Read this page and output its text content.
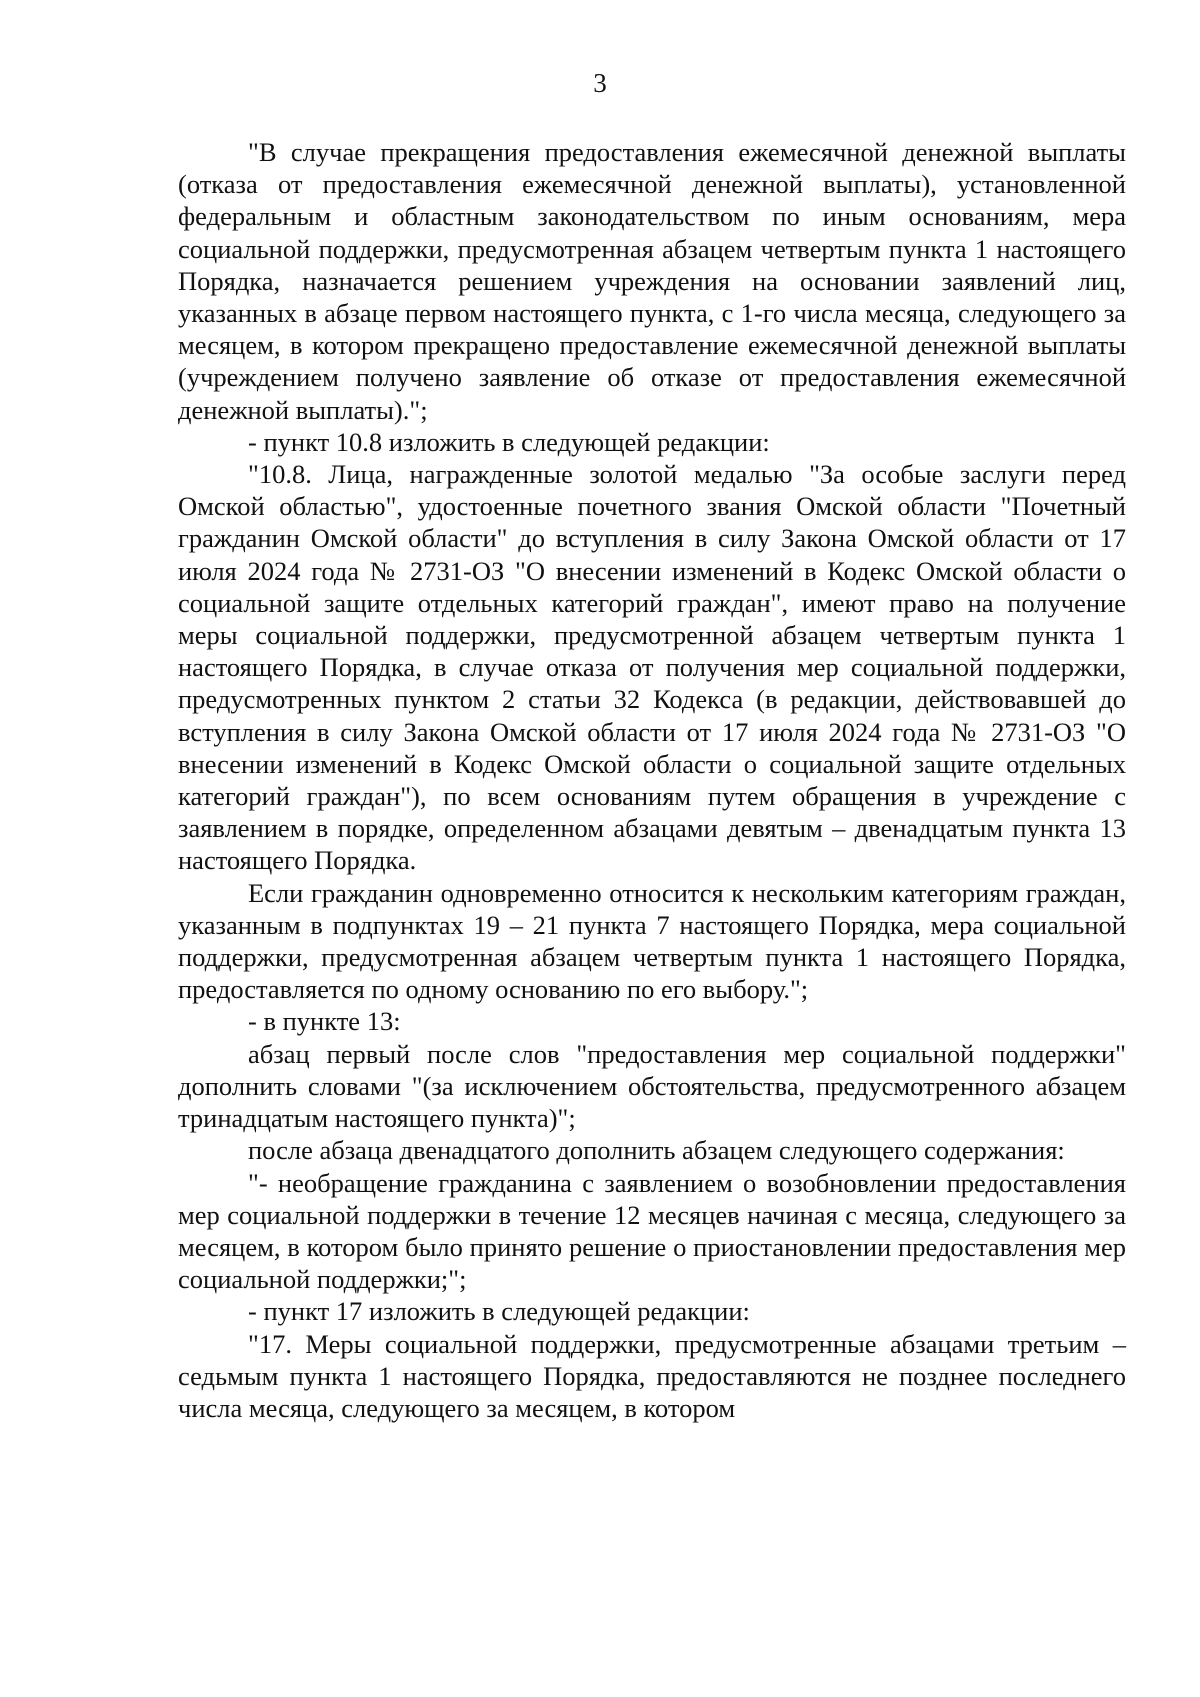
3

"В случае прекращения предоставления ежемесячной денежной выплаты (отказа от предоставления ежемесячной денежной выплаты), установленной федеральным и областным законодательством по иным основаниям, мера социальной поддержки, предусмотренная абзацем четвертым пункта 1 настоящего Порядка, назначается решением учреждения на основании заявлений лиц, указанных в абзаце первом настоящего пункта, с 1-го числа месяца, следующего за месяцем, в котором прекращено предоставление ежемесячной денежной выплаты (учреждением получено заявление об отказе от предоставления ежемесячной денежной выплаты).";

- пункт 10.8 изложить в следующей редакции:

"10.8. Лица, награжденные золотой медалью "За особые заслуги перед Омской областью", удостоенные почетного звания Омской области "Почетный гражданин Омской области" до вступления в силу Закона Омской области от 17 июля 2024 года № 2731-ОЗ "О внесении изменений в Кодекс Омской области о социальной защите отдельных категорий граждан", имеют право на получение меры социальной поддержки, предусмотренной абзацем четвертым пункта 1 настоящего Порядка, в случае отказа от получения мер социальной поддержки, предусмотренных пунктом 2 статьи 32 Кодекса (в редакции, действовавшей до вступления в силу Закона Омской области от 17 июля 2024 года № 2731-ОЗ "О внесении изменений в Кодекс Омской области о социальной защите отдельных категорий граждан"), по всем основаниям путем обращения в учреждение с заявлением в порядке, определенном абзацами девятым – двенадцатым пункта 13 настоящего Порядка.

Если гражданин одновременно относится к нескольким категориям граждан, указанным в подпунктах 19 – 21 пункта 7 настоящего Порядка, мера социальной поддержки, предусмотренная абзацем четвертым пункта 1 настоящего Порядка, предоставляется по одному основанию по его выбору.";

- в пункте 13:

абзац первый после слов "предоставления мер социальной поддержки" дополнить словами "(за исключением обстоятельства, предусмотренного абзацем тринадцатым настоящего пункта)";

после абзаца двенадцатого дополнить абзацем следующего содержания:

"- необращение гражданина с заявлением о возобновлении предоставления мер социальной поддержки в течение 12 месяцев начиная с месяца, следующего за месяцем, в котором было принято решение о приостановлении предоставления мер социальной поддержки;";

- пункт 17 изложить в следующей редакции:

"17. Меры социальной поддержки, предусмотренные абзацами третьим – седьмым пункта 1 настоящего Порядка, предоставляются не позднее последнего числа месяца, следующего за месяцем, в котором
